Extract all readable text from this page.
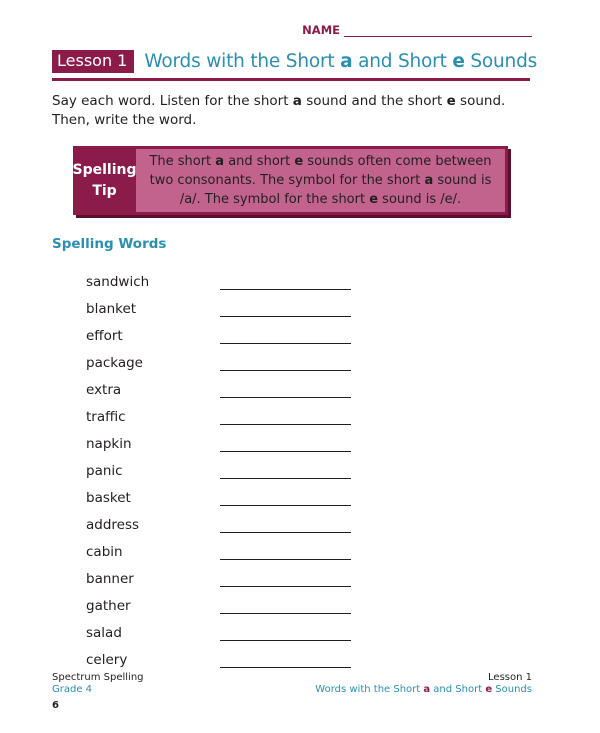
NAME
Lesson 1 Words with the Short a and Short e Sounds
Say each word. Listen for the short a sound and the short e sound. Then, write the word.
Spelling
Tip
The short a and short e sounds often come between two consonants. The symbol for the short a sound is /a/. The symbol for the short e sound is /e/.
Spelling Words
sandwich
blanket
effort
package
extra
traffic
napkin
panic
basket
address
cabin
banner
gather
salad
celery
Spectrum Spelling
Grade 4
Lesson 1
Words with the Short a and Short e Sounds
6
